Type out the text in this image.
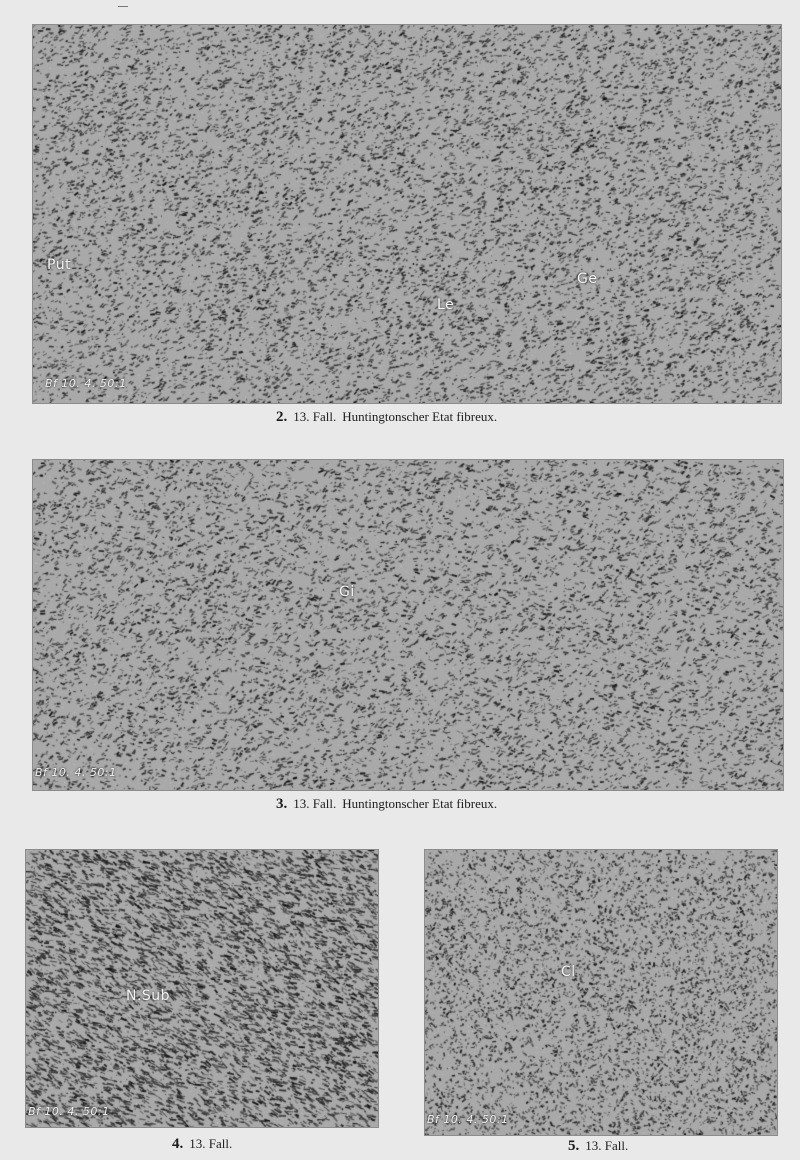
Put
Le
Ge
Bf 10. 4. 50:1
2. 13. Fall. Huntingtonscher Etat fibreux.
Gi
Bf 10. 4. 50:1
3. 13. Fall. Huntingtonscher Etat fibreux.
N.Sub
Bf 10. 4. 50:1
4. 13. Fall.
Cl
Bf 10. 4. 50:1
5. 13. Fall.
